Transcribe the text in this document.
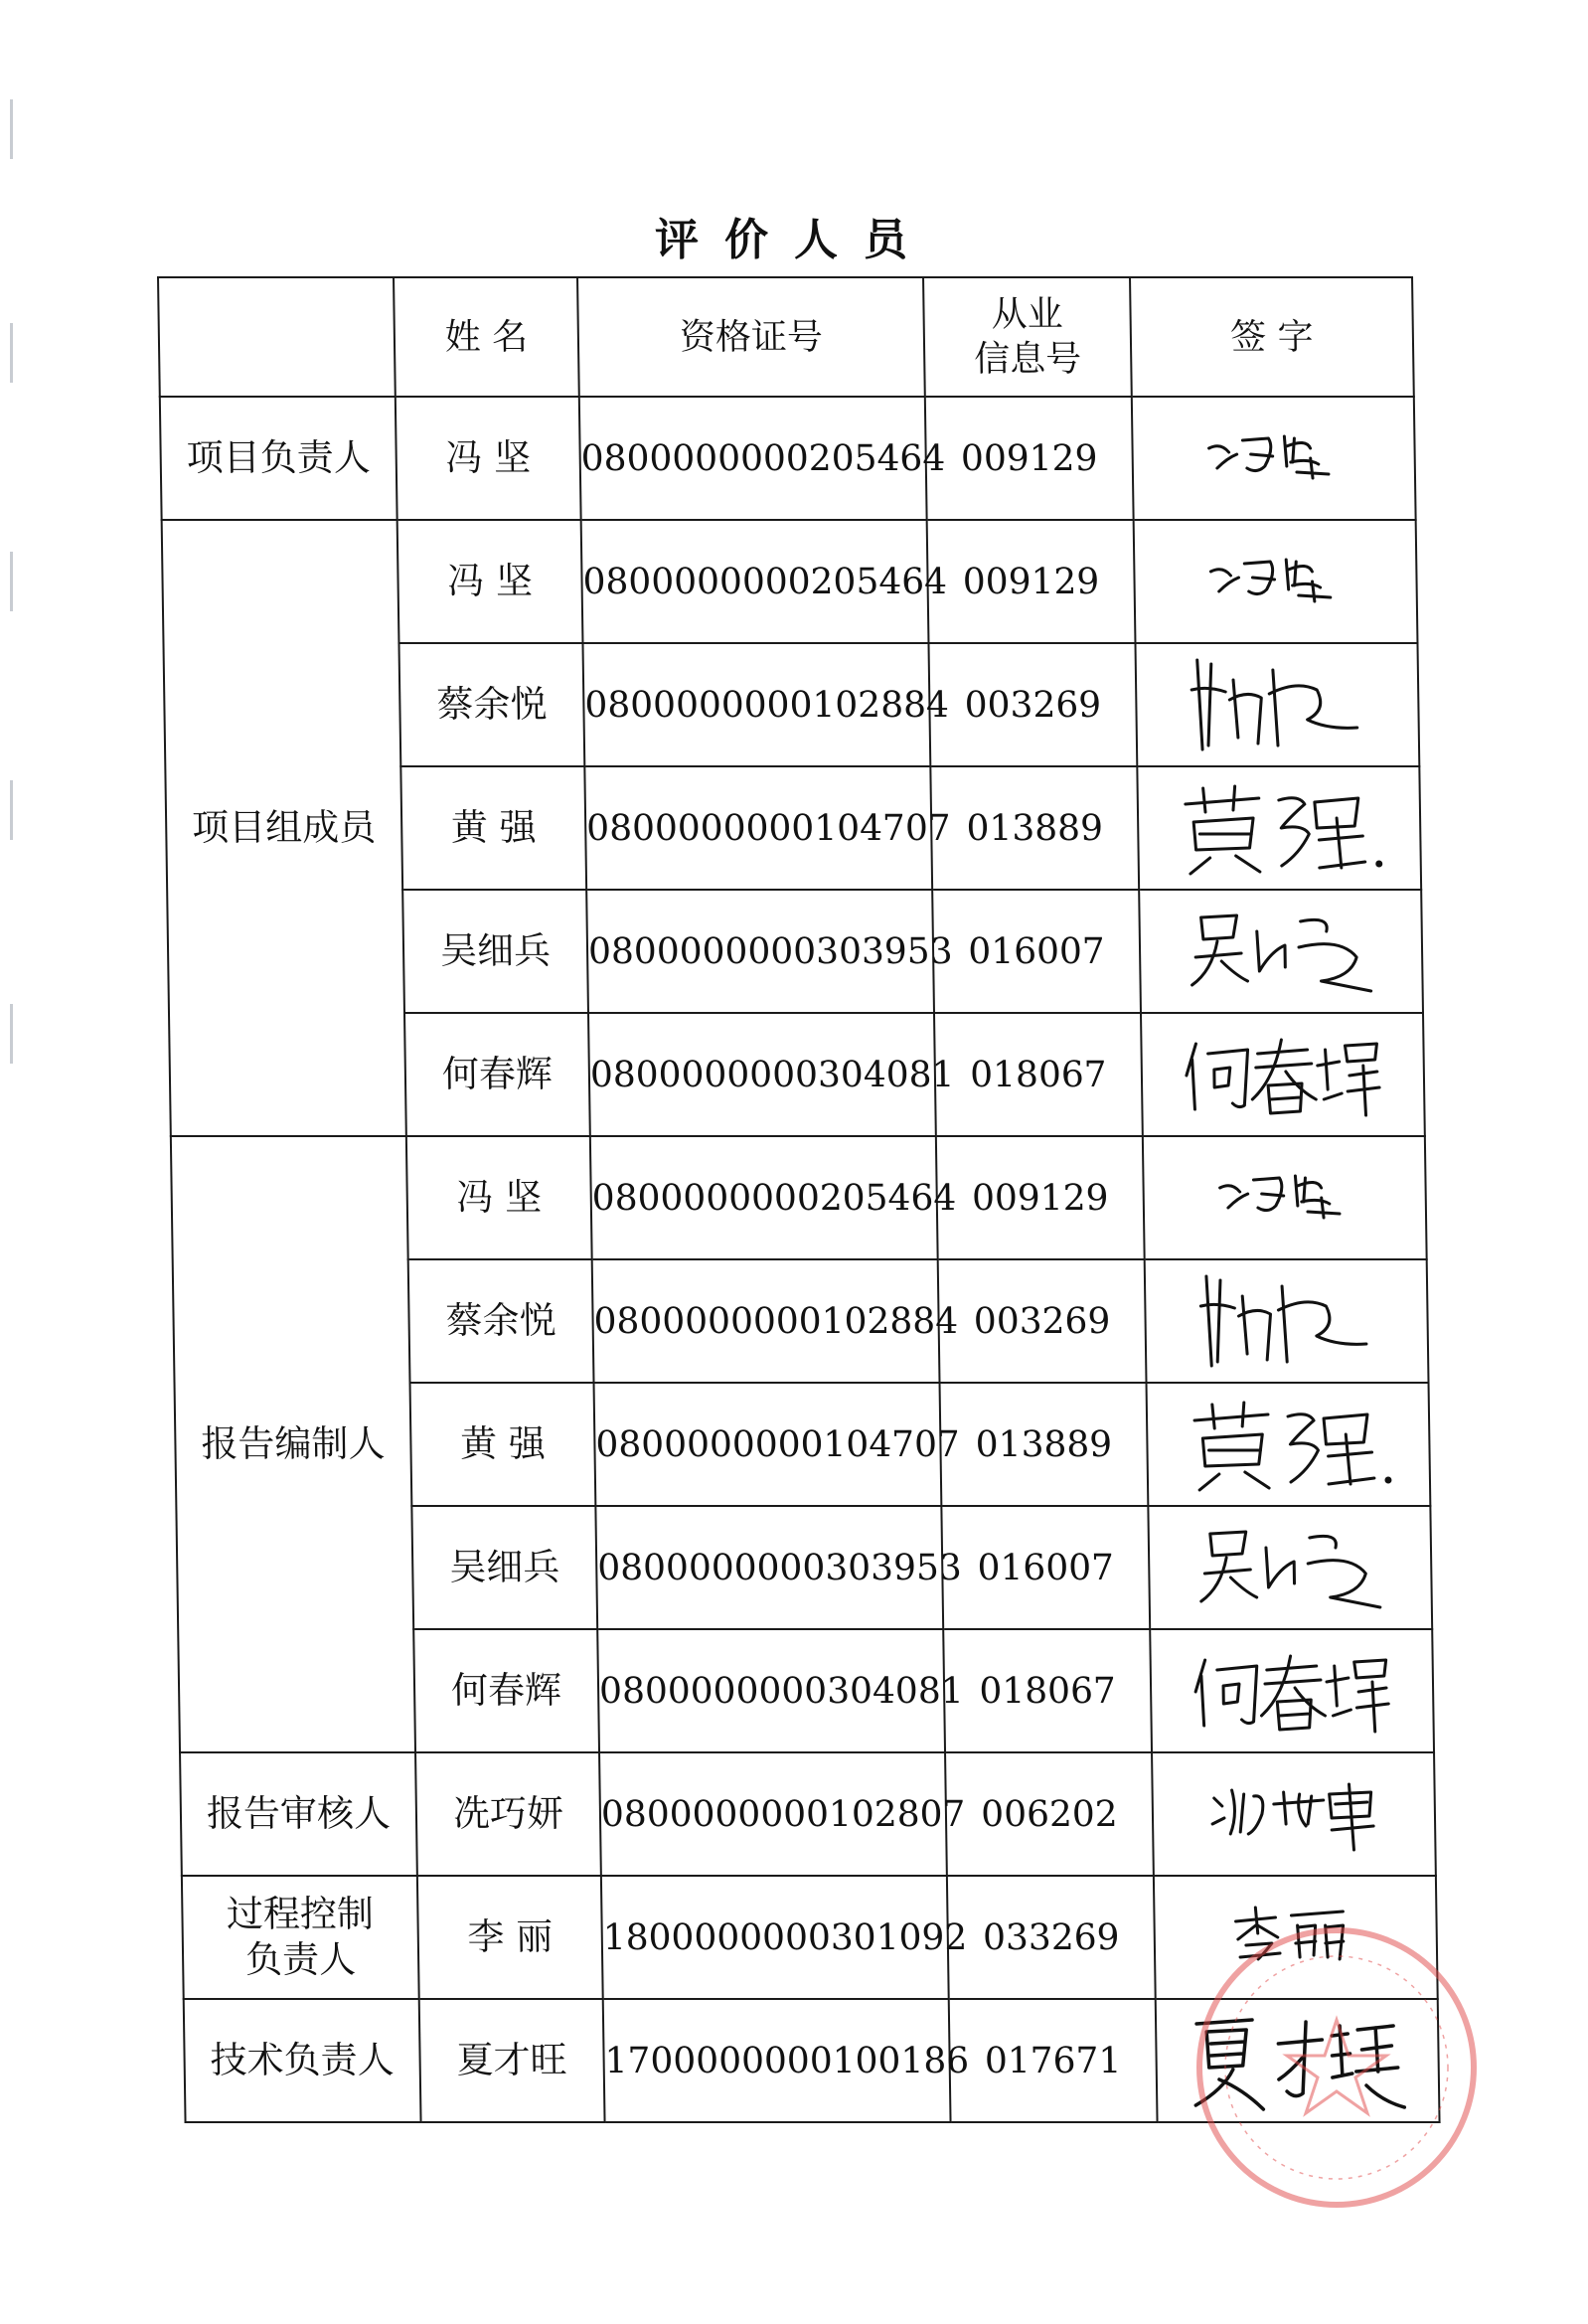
评价人员
	姓 名	资格证号	从业
信息号	签 字
项目负责人	冯 坚	0800000000205464	009129	

项目组成员	冯 坚	0800000000205464	009129	

	蔡余悦	0800000000102884	003269	

	黄 强	0800000000104707	013889	

	吴细兵	0800000000303953	016007	

	何春辉	0800000000304081	018067	

报告编制人	冯 坚	0800000000205464	009129	

	蔡余悦	0800000000102884	003269	

	黄 强	0800000000104707	013889	

	吴细兵	0800000000303953	016007	

	何春辉	0800000000304081	018067	

报告审核人	冼巧妍	0800000000102807	006202	

过程控制
负责人	李 丽	1800000000301092	033269	

技术负责人	夏才旺	1700000000100186	017671	
